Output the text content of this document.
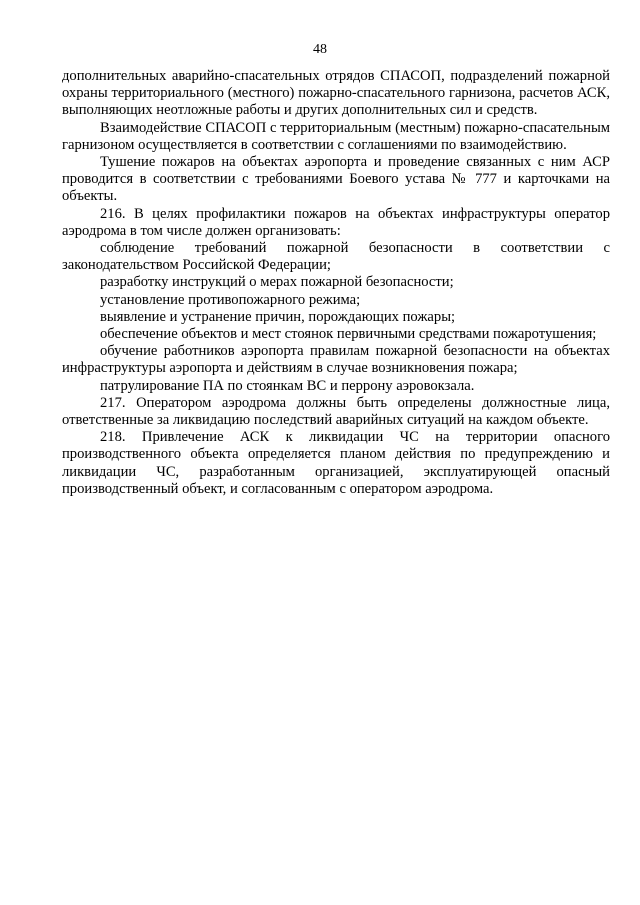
48

дополнительных аварийно-спасательных отрядов СПАСОП, подразделений пожарной охраны территориального (местного) пожарно-спасательного гарнизона, расчетов АСК, выполняющих неотложные работы и других дополнительных сил и средств.

Взаимодействие СПАСОП с территориальным (местным) пожарно-спасательным гарнизоном осуществляется в соответствии с соглашениями по взаимодействию.

Тушение пожаров на объектах аэропорта и проведение связанных с ним АСР проводится в соответствии с требованиями Боевого устава № 777 и карточками на объекты.

216. В целях профилактики пожаров на объектах инфраструктуры оператор аэродрома в том числе должен организовать:

соблюдение требований пожарной безопасности в соответствии с законодательством Российской Федерации;

разработку инструкций о мерах пожарной безопасности;

установление противопожарного режима;

выявление и устранение причин, порождающих пожары;

обеспечение объектов и мест стоянок первичными средствами пожаротушения;

обучение работников аэропорта правилам пожарной безопасности на объектах инфраструктуры аэропорта и действиям в случае возникновения пожара;

патрулирование ПА по стоянкам ВС и перрону аэровокзала.

217. Оператором аэродрома должны быть определены должностные лица, ответственные за ликвидацию последствий аварийных ситуаций на каждом объекте.

218. Привлечение АСК к ликвидации ЧС на территории опасного производственного объекта определяется планом действия по предупреждению и ликвидации ЧС, разработанным организацией, эксплуатирующей опасный производственный объект, и согласованным с оператором аэродрома.
